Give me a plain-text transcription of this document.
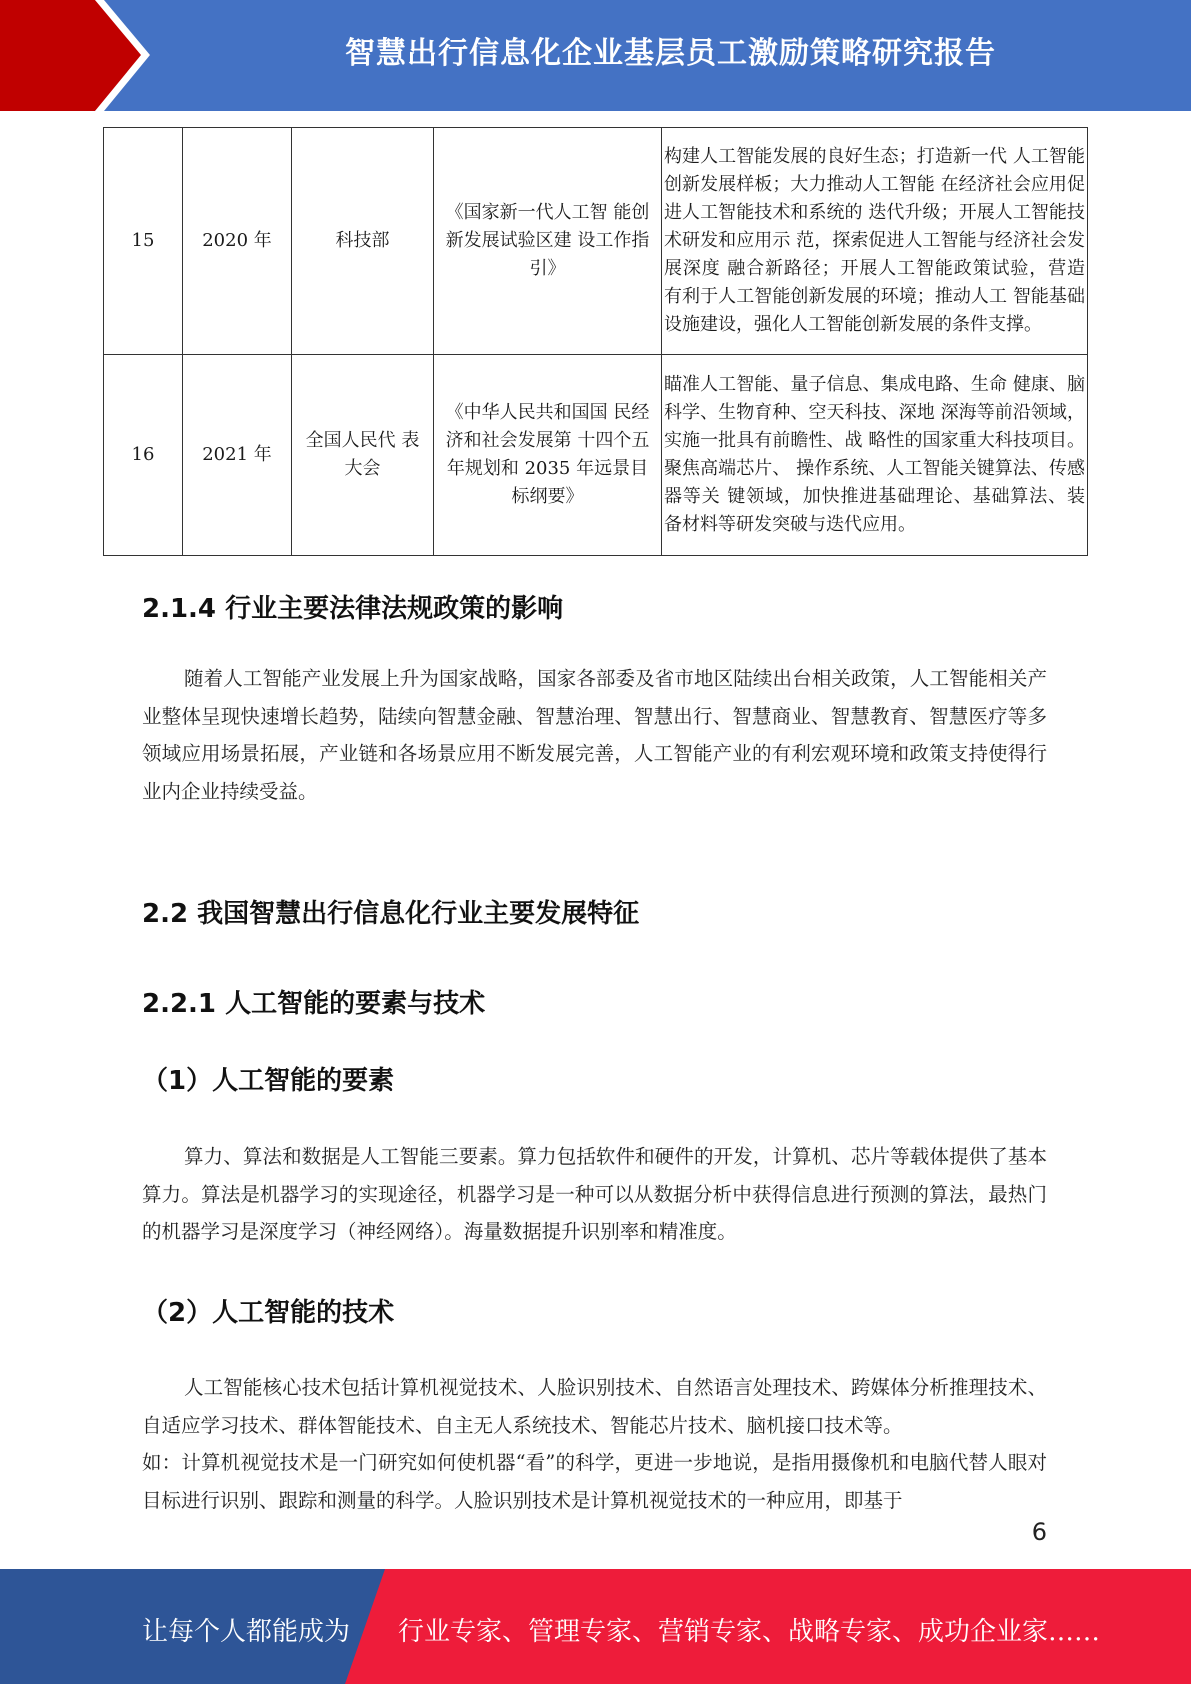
智慧出行信息化企业基层员工激励策略研究报告
15	2020 年	科技部	《国家新一代人工智 能创新发展试验区建 设工作指引》	构建人工智能发展的良好生态；打造新一代 人工智能创新发展样板；大力推动人工智能 在经济社会应用促进人工智能技术和系统的 迭代升级；开展人工智能技术研发和应用示 范，探索促进人工智能与经济社会发展深度 融合新路径；开展人工智能政策试验，营造 有利于人工智能创新发展的环境；推动人工 智能基础设施建设，强化人工智能创新发展的条件支撑。
16	2021 年	全国人民代 表大会	《中华人民共和国国 民经济和社会发展第 十四个五年规划和 2035 年远景目标纲要》	瞄准人工智能、量子信息、集成电路、生命 健康、脑科学、生物育种、空天科技、深地 深海等前沿领域，实施一批具有前瞻性、战 略性的国家重大科技项目。聚焦高端芯片、 操作系统、人工智能关键算法、传感器等关 键领域，加快推进基础理论、基础算法、装 备材料等研发突破与迭代应用。
2.1.4 行业主要法律法规政策的影响
随着人工智能产业发展上升为国家战略，国家各部委及省市地区陆续出台相关政策，人工智能相关产业整体呈现快速增长趋势，陆续向智慧金融、智慧治理、智慧出行、智慧商业、智慧教育、智慧医疗等多领域应用场景拓展，产业链和各场景应用不断发展完善，人工智能产业的有利宏观环境和政策支持使得行业内企业持续受益。
2.2 我国智慧出行信息化行业主要发展特征
2.2.1 人工智能的要素与技术
（1）人工智能的要素
算力、算法和数据是人工智能三要素。算力包括软件和硬件的开发，计算机、芯片等载体提供了基本算力。算法是机器学习的实现途径，机器学习是一种可以从数据分析中获得信息进行预测的算法，最热门的机器学习是深度学习（神经网络）。海量数据提升识别率和精准度。
（2）人工智能的技术
人工智能核心技术包括计算机视觉技术、人脸识别技术、自然语言处理技术、跨媒体分析推理技术、自适应学习技术、群体智能技术、自主无人系统技术、智能芯片技术、脑机接口技术等。
如：计算机视觉技术是一门研究如何使机器“看”的科学，更进一步地说，是指用摄像机和电脑代替人眼对目标进行识别、跟踪和测量的科学。人脸识别技术是计算机视觉技术的一种应用，即基于
6
让每个人都能成为 行业专家、管理专家、营销专家、战略专家、成功企业家……
